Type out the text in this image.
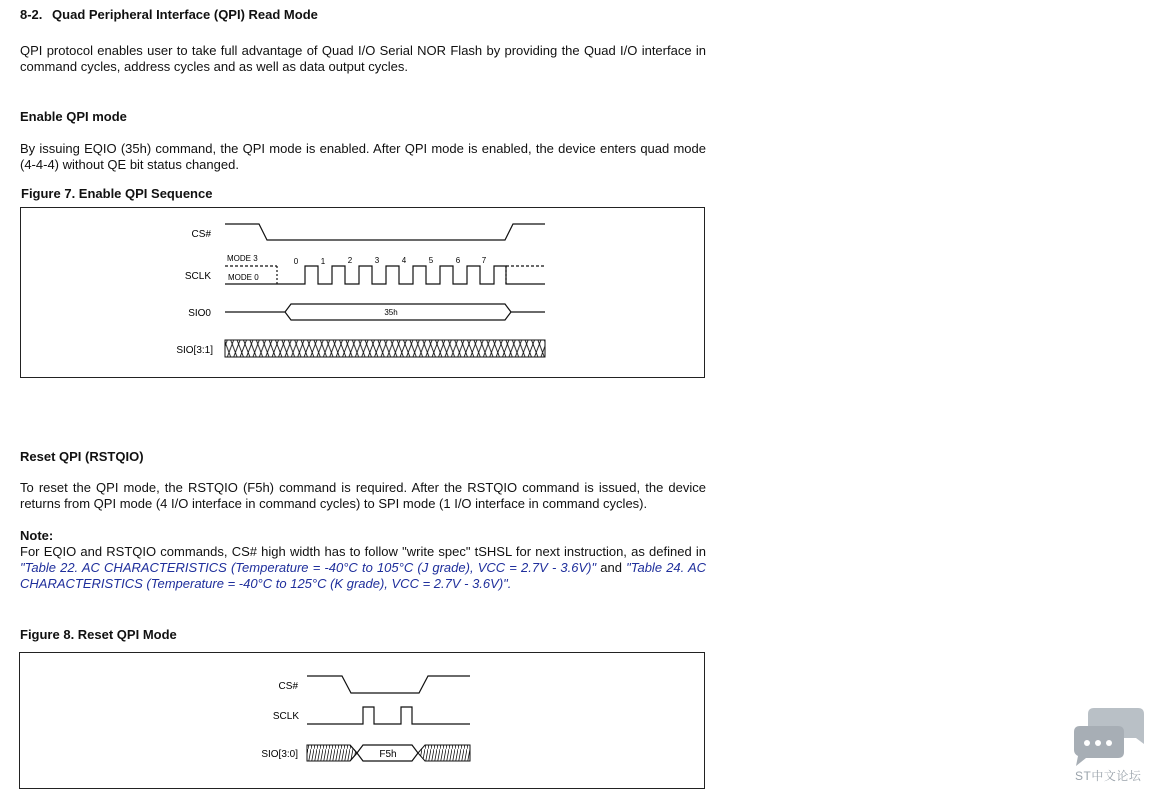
8-2. Quad Peripheral Interface (QPI) Read Mode
QPI protocol enables user to take full advantage of Quad I/O Serial NOR Flash by providing the Quad I/O interface in command cycles, address cycles and as well as data output cycles.
Enable QPI mode
By issuing EQIO (35h) command, the QPI mode is enabled. After QPI mode is enabled, the device enters quad mode (4-4-4) without QE bit status changed.
Figure 7. Enable QPI Sequence
CS#
SCLK
SIO0
SIO[3:1]
MODE 3
MODE 0
0	1	2	3	4	5	6	7
35h
Reset QPI (RSTQIO)
To reset the QPI mode, the RSTQIO (F5h) command is required. After the RSTQIO command is issued, the device returns from QPI mode (4 I/O interface in command cycles) to SPI mode (1 I/O interface in command cycles).
Note:
For EQIO and RSTQIO commands, CS# high width has to follow "write spec" tSHSL for next instruction, as defined in "Table 22. AC CHARACTERISTICS (Temperature = -40°C to 105°C (J grade), VCC = 2.7V - 3.6V)" and "Table 24. AC CHARACTERISTICS (Temperature = -40°C to 125°C (K grade), VCC = 2.7V - 3.6V)".
Figure 8. Reset QPI Mode
CS#
SCLK
SIO[3:0]	F5h
ST中文论坛
